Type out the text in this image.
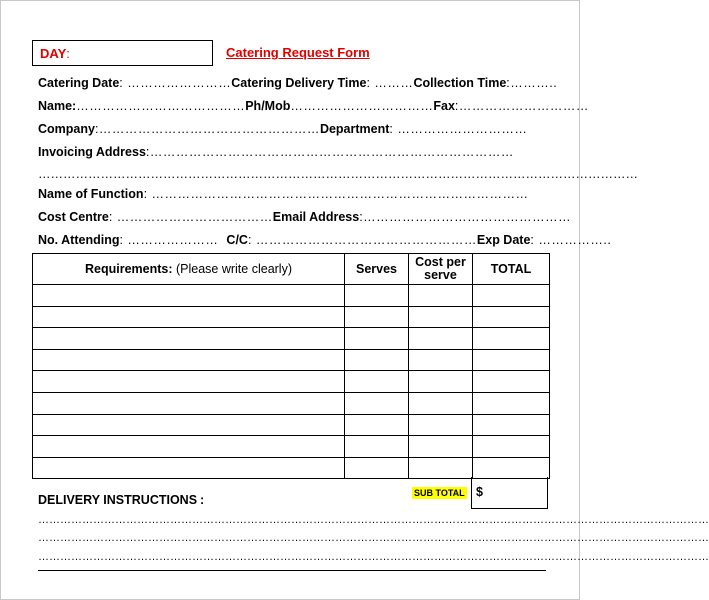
DAY:	Catering Request Form
Catering Date: ……………………Catering Delivery Time: ………Collection Time:………..
Name:…………………………………Ph/Mob……………………………Fax:…………………………
Company:……………………………………………Department: …………………………
Invoicing Address:…………………………………………………………………………
………………………………………………………………………………………………………………………………
Name of Function: ……………………………………………………………………………
Cost Centre: ………………………………Email Address:…………………………………………
No. Attending: ………………… C/C: ……………………………………………Exp Date: ……………..
Requirements: (Please write clearly)	Serves	Cost per serve	TOTAL

SUB TOTAL $
DELIVERY INSTRUCTIONS :
…………………………………………………………………………………………………………………………………………………………………
…………………………………………………………………………………………………………………………………………………………………
…………………………………………………………………………………………………………………………………………………………………
